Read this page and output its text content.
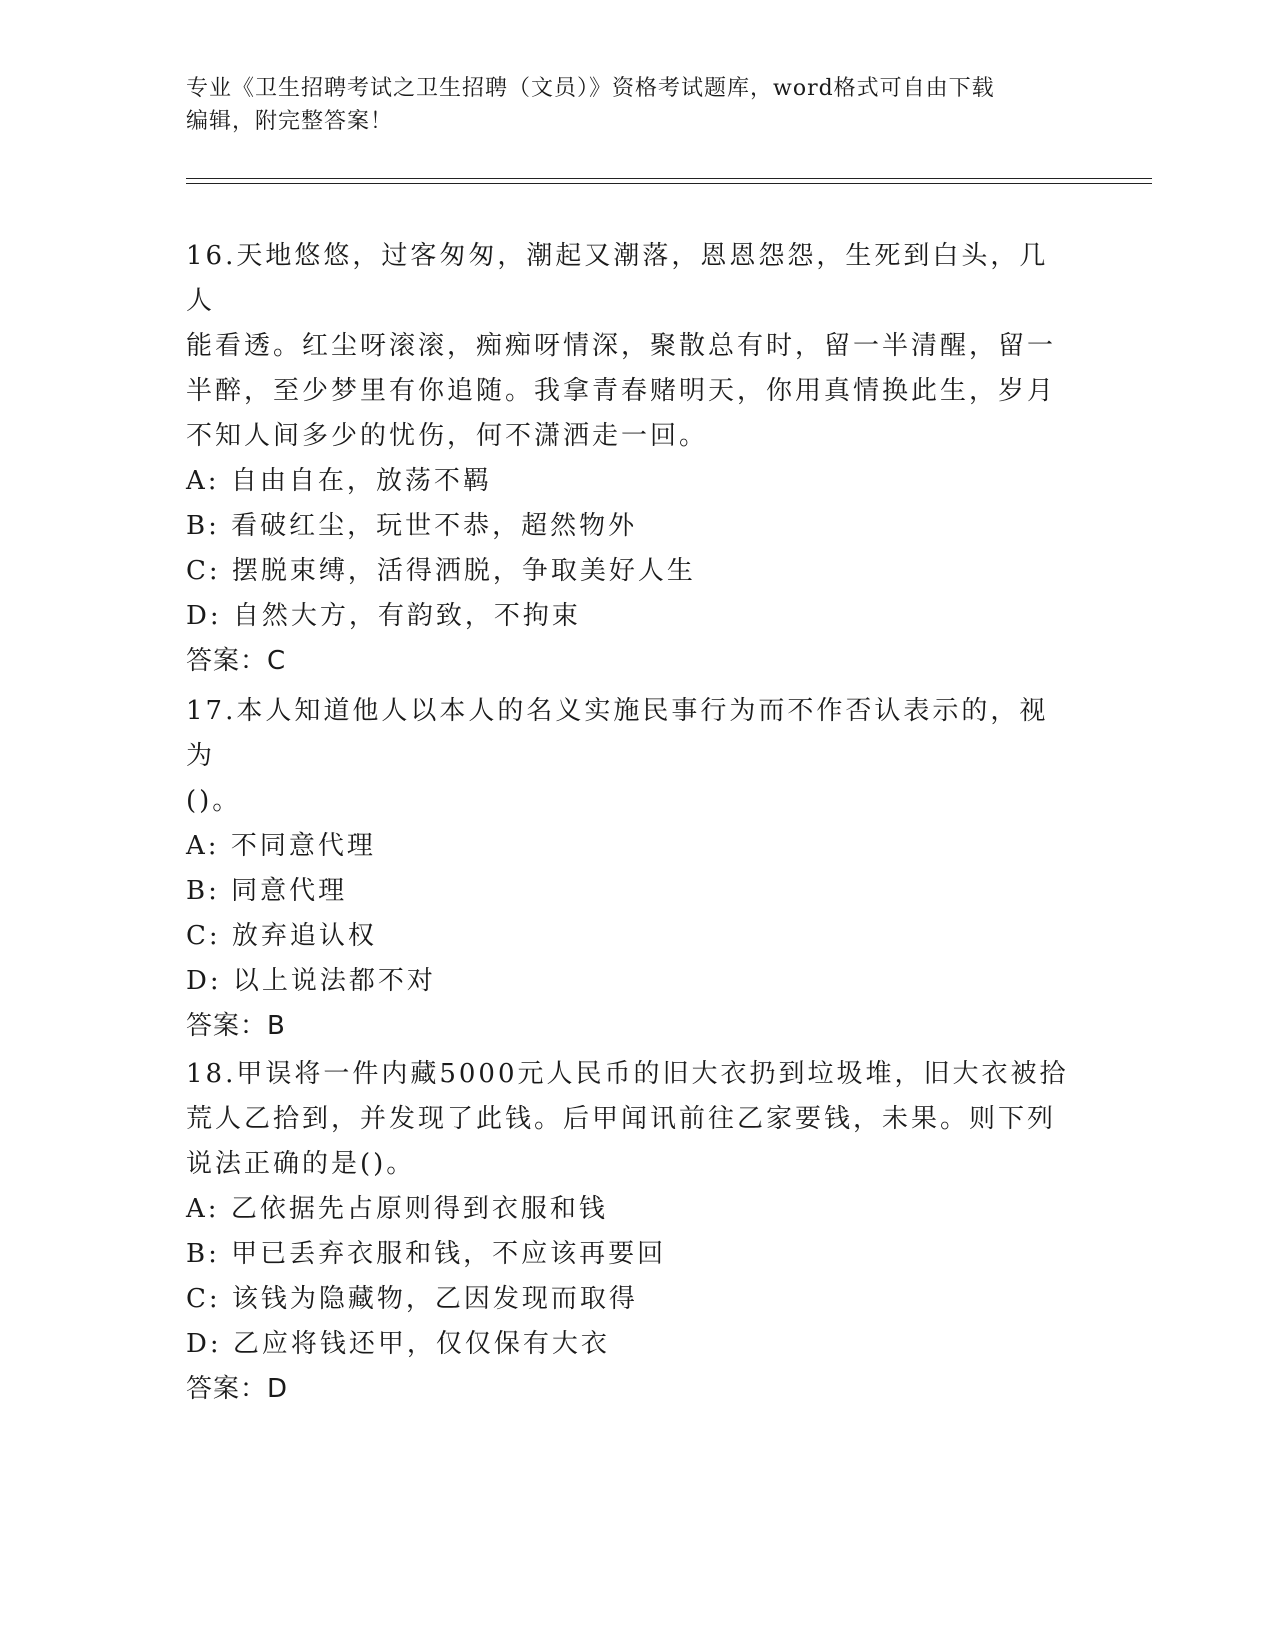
专业《卫生招聘考试之卫生招聘（文员）》资格考试题库，word格式可自由下载
编辑，附完整答案！
16.天地悠悠，过客匆匆，潮起又潮落，恩恩怨怨，生死到白头，几人
能看透。红尘呀滚滚，痴痴呀情深，聚散总有时，留一半清醒，留一
半醉，至少梦里有你追随。我拿青春赌明天，你用真情换此生，岁月
不知人间多少的忧伤，何不潇洒走一回。
A: 自由自在，放荡不羁
B: 看破红尘，玩世不恭，超然物外
C: 摆脱束缚，活得洒脱，争取美好人生
D: 自然大方，有韵致，不拘束
答案：C
17.本人知道他人以本人的名义实施民事行为而不作否认表示的，视为
()。
A: 不同意代理
B: 同意代理
C: 放弃追认权
D: 以上说法都不对
答案：B
18.甲误将一件内藏5000元人民币的旧大衣扔到垃圾堆，旧大衣被拾
荒人乙拾到，并发现了此钱。后甲闻讯前往乙家要钱，未果。则下列
说法正确的是()。
A: 乙依据先占原则得到衣服和钱
B: 甲已丢弃衣服和钱，不应该再要回
C: 该钱为隐藏物，乙因发现而取得
D: 乙应将钱还甲，仅仅保有大衣
答案：D
